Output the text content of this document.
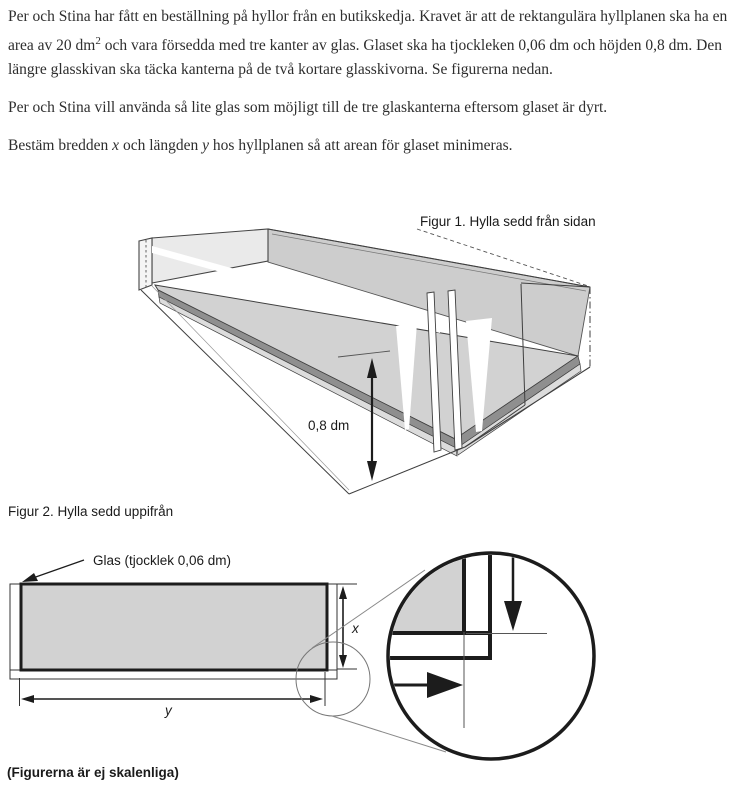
Per och Stina har fått en beställning på hyllor från en butikskedja. Kravet är att de rektangulära hyllplanen ska ha en area av 20 $dm^2$ och vara försedda med tre kanter av glas. Glaset ska ha tjockleken 0,06 dm och höjden 0,8 dm. Den längre glasskivan ska täcka kanterna på de två kortare glasskivorna. Se figurerna nedan.

Per och Stina vill använda så lite glas som möjligt till de tre glaskanterna eftersom glaset är dyrt.

Bestäm bredden x och längden y hos hyllplanen så att arean för glaset minimeras.

Figur 1. Hylla sedd från sidan
0,8 dm
Figur 2. Hylla sedd uppifrån
Glas (tjocklek 0,06 dm)
x
y
(Figurerna är ej skalenliga)
